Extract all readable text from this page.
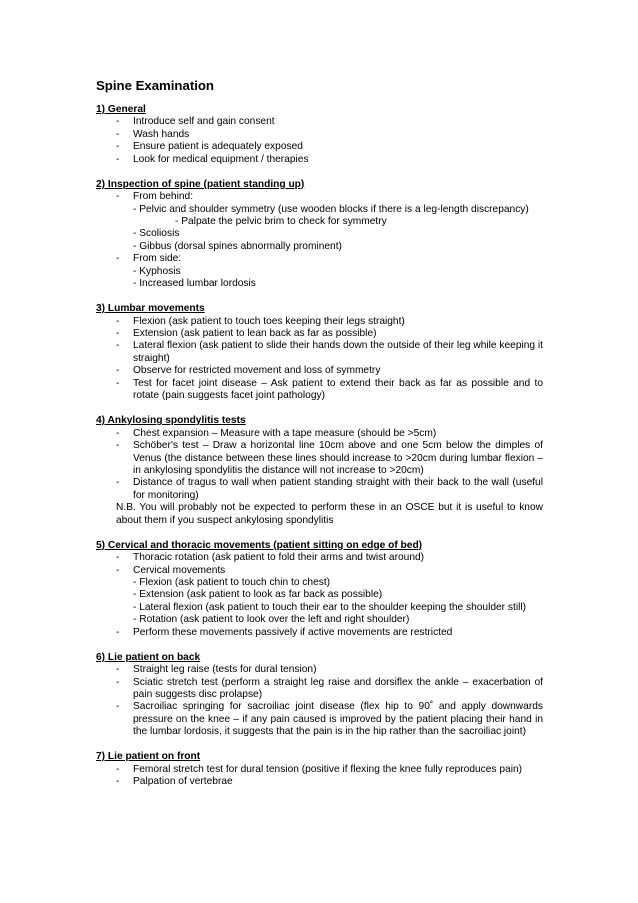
Spine Examination
1) General
- Introduce self and gain consent
- Wash hands
- Ensure patient is adequately exposed
- Look for medical equipment / therapies
2) Inspection of spine (patient standing up)
- From behind:
- Pelvic and shoulder symmetry (use wooden blocks if there is a leg-length discrepancy)
- Palpate the pelvic brim to check for symmetry
- Scoliosis
- Gibbus (dorsal spines abnormally prominent)
- From side:
- Kyphosis
- Increased lumbar lordosis
3) Lumbar movements
- Flexion (ask patient to touch toes keeping their legs straight)
- Extension (ask patient to lean back as far as possible)
- Lateral flexion (ask patient to slide their hands down the outside of their leg while keeping it straight)
- Observe for restricted movement and loss of symmetry
- Test for facet joint disease – Ask patient to extend their back as far as possible and to rotate (pain suggests facet joint pathology)
4) Ankylosing spondylitis tests
- Chest expansion – Measure with a tape measure (should be >5cm)
- Schöber's test – Draw a horizontal line 10cm above and one 5cm below the dimples of Venus (the distance between these lines should increase to >20cm during lumbar flexion – in ankylosing spondylitis the distance will not increase to >20cm)
- Distance of tragus to wall when patient standing straight with their back to the wall (useful for monitoring)
N.B. You will probably not be expected to perform these in an OSCE but it is useful to know about them if you suspect ankylosing spondylitis
5) Cervical and thoracic movements (patient sitting on edge of bed)
- Thoracic rotation (ask patient to fold their arms and twist around)
- Cervical movements
- Flexion (ask patient to touch chin to chest)
- Extension (ask patient to look as far back as possible)
- Lateral flexion (ask patient to touch their ear to the shoulder keeping the shoulder still)
- Rotation (ask patient to look over the left and right shoulder)
- Perform these movements passively if active movements are restricted
6) Lie patient on back
- Straight leg raise (tests for dural tension)
- Sciatic stretch test (perform a straight leg raise and dorsiflex the ankle – exacerbation of pain suggests disc prolapse)
- Sacroiliac springing for sacroiliac joint disease (flex hip to 90˚ and apply downwards pressure on the knee – if any pain caused is improved by the patient placing their hand in the lumbar lordosis, it suggests that the pain is in the hip rather than the sacroiliac joint)
7) Lie patient on front
- Femoral stretch test for dural tension (positive if flexing the knee fully reproduces pain)
- Palpation of vertebrae
